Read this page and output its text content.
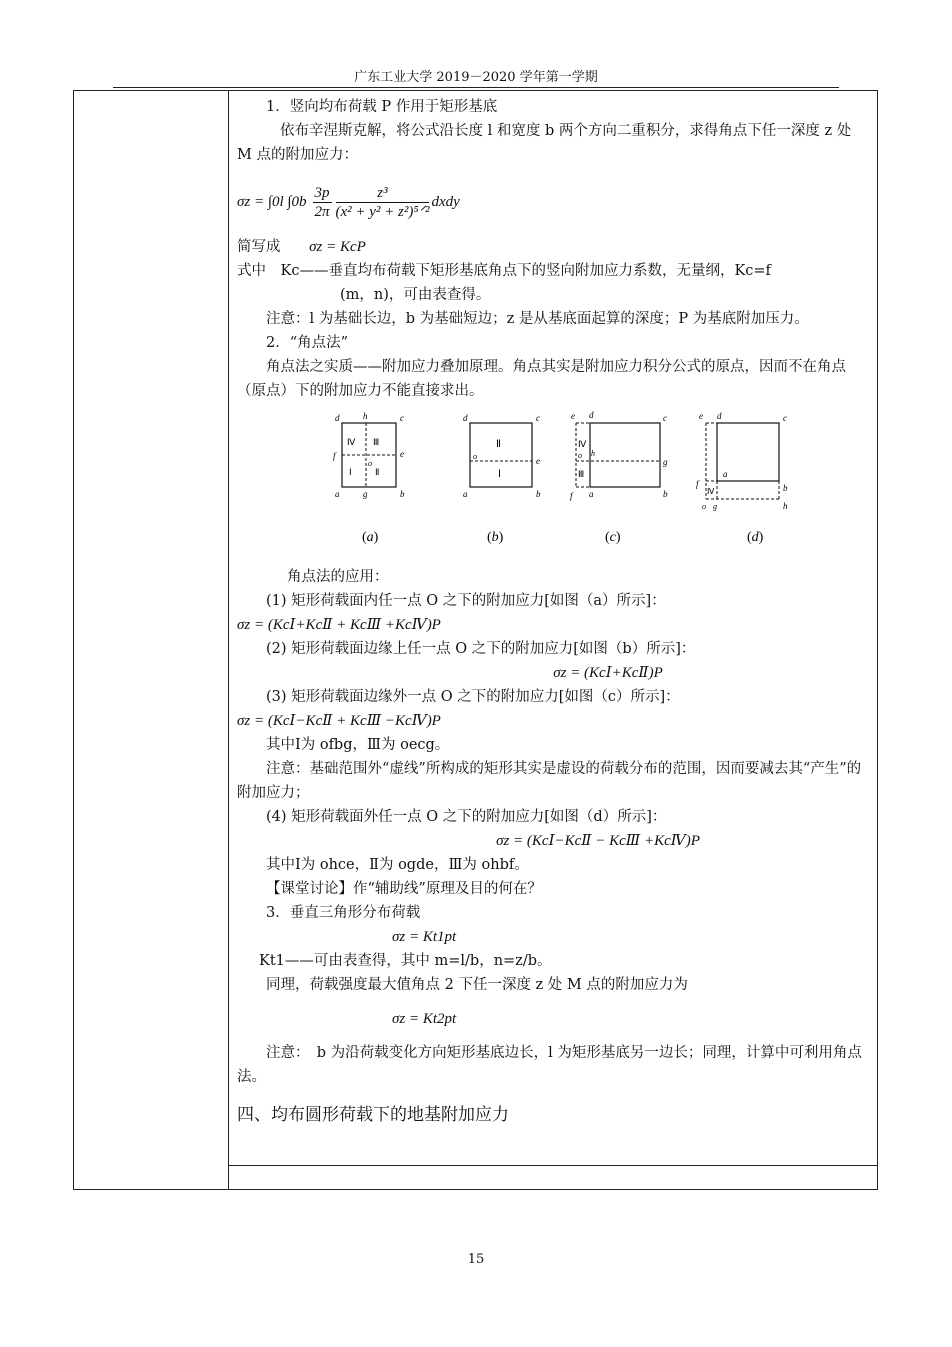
广东工业大学 2019－2020 学年第一学期

1．竖向均布荷载 P 作用于矩形基底

依布辛涅斯克解，将公式沿长度 l 和宽度 b 两个方向二重积分，求得角点下任一深度 z 处 M 点的附加应力：

σz = ∫0l $\int 0b \frac{3p}{2\pi} \frac{\text{z³}}{\text{(x² + y² + z²)⁵ᐟ²}}$ dxdy

简写成 σz = KcP

式中　Kc——垂直均布荷载下矩形基底角点下的竖向附加应力系数，无量纲，Kc=f

(m，n)，可由表查得。

注意：l 为基础长边，b 为基础短边；z 是从基底面起算的深度；P 为基底附加压力。

2．“角点法”

角点法之实质——附加应力叠加原理。角点其实是附加应力积分公式的原点，因而不在角点（原点）下的附加应力不能直接求出。

d	h	c
f	e
a	g	b
o
Ⅳ Ⅲ
Ⅰ	Ⅱ
(a)
d	c
a	b
e
o
Ⅱ
Ⅰ
(b)
e d	c
h
g
f a	b
o
Ⅳ
Ⅲ
(c)
e d	c
a
b
f
o g	h
Ⅳ
(d)

角点法的应用：

(1) 矩形荷载面内任一点 O 之下的附加应力[如图（a）所示]：

σz = (KcⅠ+KcⅡ + KcⅢ +KcⅣ)P

(2) 矩形荷载面边缘上任一点 O 之下的附加应力[如图（b）所示]：

σz = (KcⅠ+KcⅡ)P

(3) 矩形荷载面边缘外一点 O 之下的附加应力[如图（c）所示]：

σz = (KcⅠ−KcⅡ + KcⅢ −KcⅣ)P

其中Ⅰ为 ofbg，Ⅲ为 oecg。

注意：基础范围外“虚线”所构成的矩形其实是虚设的荷载分布的范围，因而要减去其“产生”的附加应力；

(4) 矩形荷载面外任一点 O 之下的附加应力[如图（d）所示]：

σz = (KcⅠ−KcⅡ − KcⅢ +KcⅣ)P

其中Ⅰ为 ohce，Ⅱ为 ogde，Ⅲ为 ohbf。

【课堂讨论】作“辅助线”原理及目的何在？

3．垂直三角形分布荷载

σz = Kt1pt

Kt1——可由表查得，其中 m=l/b，n=z/b。

同理，荷载强度最大值角点 2 下任一深度 z 处 M 点的附加应力为

σz = Kt2pt

注意：　b 为沿荷载变化方向矩形基底边长，l 为矩形基底另一边长；同理，计算中可利用角点法。

四、均布圆形荷载下的地基附加应力

15
